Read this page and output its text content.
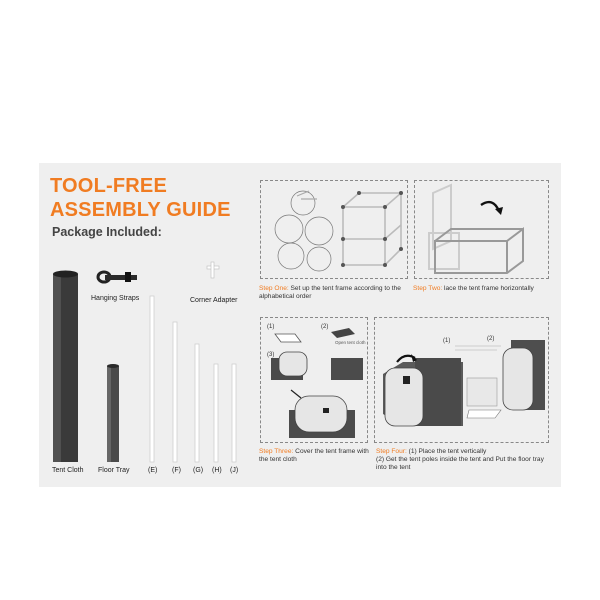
TOOL-FREE
ASSEMBLY GUIDE
Package Included:
Hanging Straps	Corner Adapter
Tent Cloth Floor Tray	(E) (F) (G) (H) (J)
Step One: Set up the tent frame according to the alphabetical order
Step Two: lace the tent frame horizontally
(1)	(2)
(3)
Open tent cloth
Step Three: Cover the tent frame with the tent cloth
(1)	(2)
Step Four: (1) Place the tent vertically
(2) Get the tent poles inside the tent and Put the floor tray into the tent
